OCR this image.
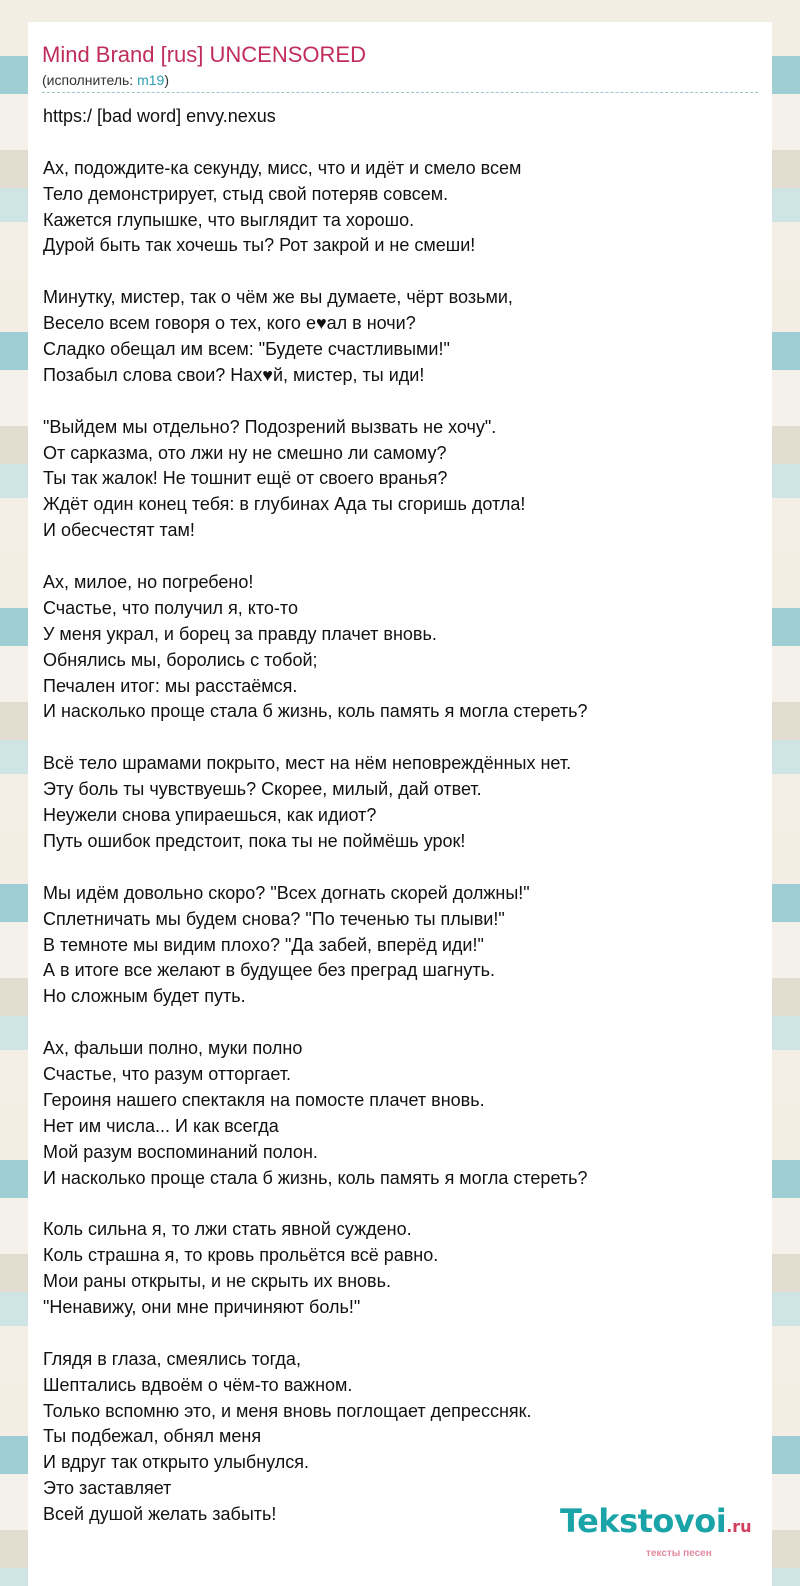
Mind Brand [rus] UNCENSORED
(исполнитель: m19)
https:/ [bad word] envy.nexus
Ах, подождите-ка секунду, мисс, что и идёт и смело всем
Тело демонстрирует, стыд свой потеряв совсем.
Кажется глупышке, что выглядит та хорошо.
Дурой быть так хочешь ты? Рот закрой и не смеши!
Минутку, мистер, так о чём же вы думаете, чёрт возьми,
Весело всем говоря о тех, кого е♥ал в ночи?
Сладко обещал им всем: "Будете счастливыми!"
Позабыл слова свои? Нах♥й, мистер, ты иди!
"Выйдем мы отдельно? Подозрений вызвать не хочу".
От сарказма, ото лжи ну не смешно ли самому?
Ты так жалок! Не тошнит ещё от своего вранья?
Ждёт один конец тебя: в глубинах Ада ты сгоришь дотла!
И обесчестят там!
Ах, милое, но погребено!
Счастье, что получил я, кто-то
У меня украл, и борец за правду плачет вновь.
Обнялись мы, боролись с тобой;
Печален итог: мы расстаёмся.
И насколько проще стала б жизнь, коль память я могла стереть?
Всё тело шрамами покрыто, мест на нём неповреждённых нет.
Эту боль ты чувствуешь? Скорее, милый, дай ответ.
Неужели снова упираешься, как идиот?
Путь ошибок предстоит, пока ты не поймёшь урок!
Мы идём довольно скоро? "Всех догнать скорей должны!"
Сплетничать мы будем снова? "По теченью ты плыви!"
В темноте мы видим плохо? "Да забей, вперёд иди!"
А в итоге все желают в будущее без преград шагнуть.
Но сложным будет путь.
Ах, фальши полно, муки полно
Счастье, что разум отторгает.
Героиня нашего спектакля на помосте плачет вновь.
Нет им числа... И как всегда
Мой разум воспоминаний полон.
И насколько проще стала б жизнь, коль память я могла стереть?
Коль сильна я, то лжи стать явной суждено.
Коль страшна я, то кровь прольётся всё равно.
Мои раны открыты, и не скрыть их вновь.
"Ненавижу, они мне причиняют боль!"
Глядя в глаза, смеялись тогда,
Шептались вдвоём о чём-то важном.
Только вспомню это, и меня вновь поглощает депрессняк.
Ты подбежал, обнял меня
И вдруг так открыто улыбнулся.
Это заставляет
Всей душой желать забыть!	Tekstovoi.ru
тексты песен
